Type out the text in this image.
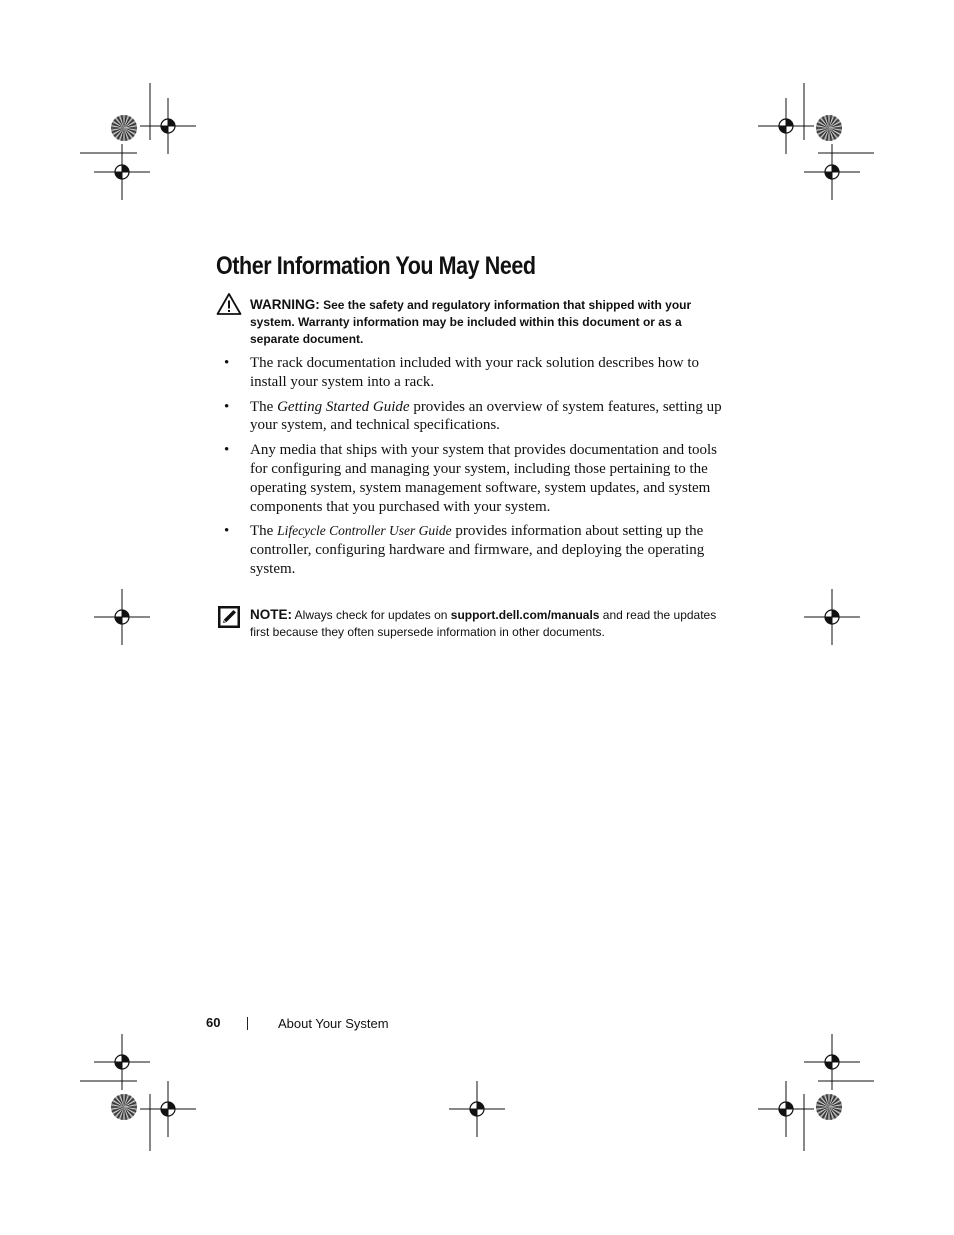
Other Information You May Need
WARNING: See the safety and regulatory information that shipped with your system. Warranty information may be included within this document or as a separate document.
• The rack documentation included with your rack solution describes how to install your system into a rack.
• The Getting Started Guide provides an overview of system features, setting up your system, and technical specifications.
• Any media that ships with your system that provides documentation and tools for configuring and managing your system, including those pertaining to the operating system, system management software, system updates, and system components that you purchased with your system.
• The Lifecycle Controller User Guide provides information about setting up the controller, configuring hardware and firmware, and deploying the operating system.
NOTE: Always check for updates on support.dell.com/manuals and read the updates first because they often supersede information in other documents.
60	About Your System
